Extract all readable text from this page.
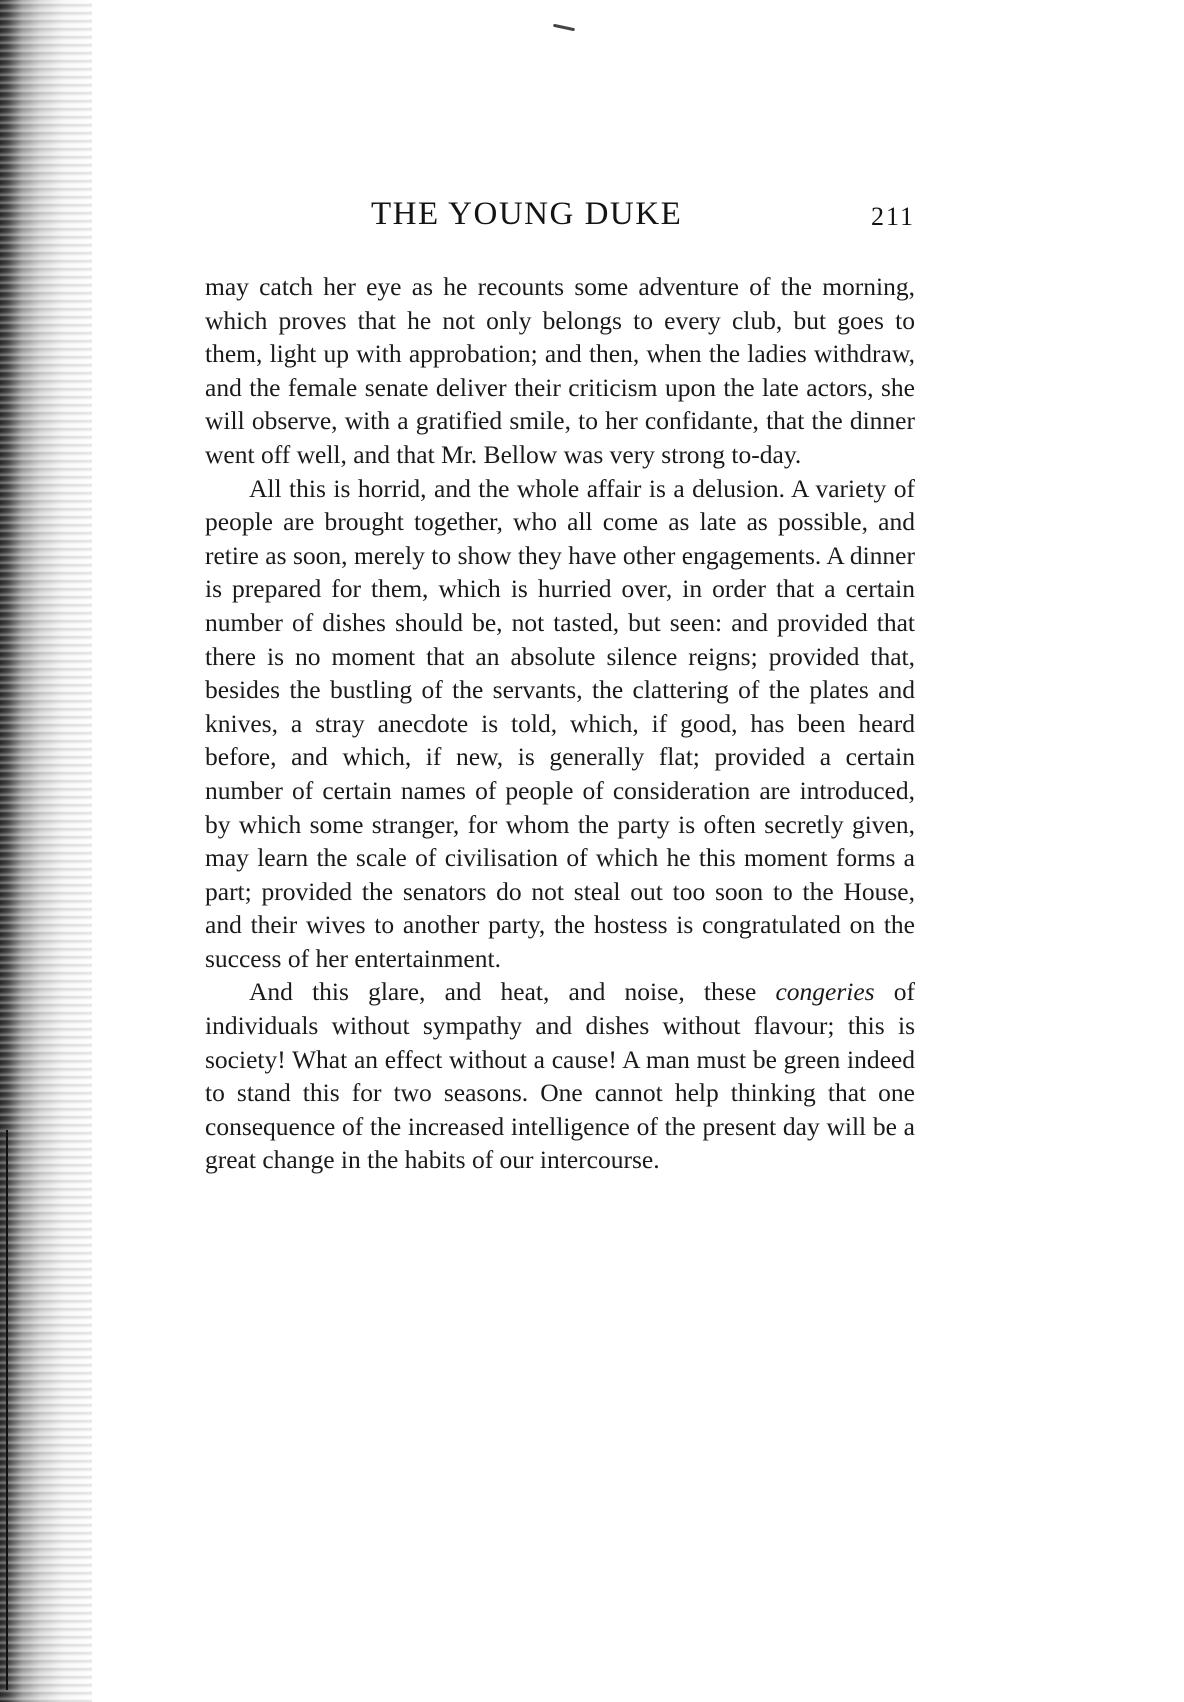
THE YOUNG DUKE	211

may catch her eye as he recounts some adventure of the morning, which proves that he not only belongs to every club, but goes to them, light up with approbation; and then, when the ladies withdraw, and the female senate deliver their criticism upon the late actors, she will observe, with a gratified smile, to her confidante, that the dinner went off well, and that Mr. Bellow was very strong to-day.

All this is horrid, and the whole affair is a delusion. A variety of people are brought together, who all come as late as possible, and retire as soon, merely to show they have other engagements. A dinner is prepared for them, which is hurried over, in order that a certain number of dishes should be, not tasted, but seen: and provided that there is no moment that an absolute silence reigns; provided that, besides the bustling of the servants, the clattering of the plates and knives, a stray anecdote is told, which, if good, has been heard before, and which, if new, is generally flat; provided a certain number of certain names of people of consideration are introduced, by which some stranger, for whom the party is often secretly given, may learn the scale of civilisation of which he this moment forms a part; provided the senators do not steal out too soon to the House, and their wives to another party, the hostess is congratulated on the success of her entertainment.

And this glare, and heat, and noise, these congeries of individuals without sympathy and dishes without flavour; this is society! What an effect without a cause! A man must be green indeed to stand this for two seasons. One cannot help thinking that one consequence of the increased intelligence of the present day will be a great change in the habits of our intercourse.
